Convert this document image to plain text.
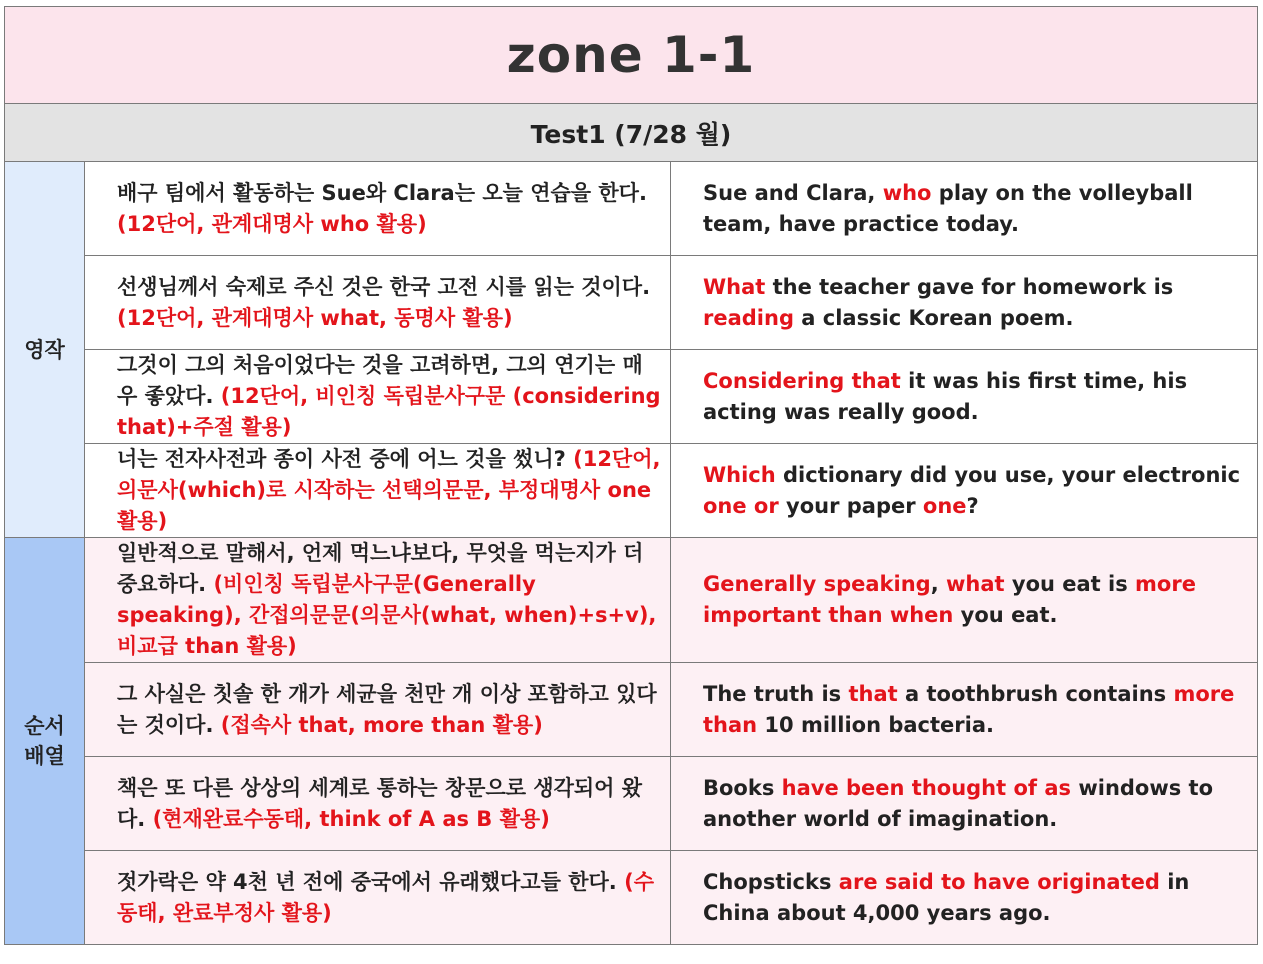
zone 1-1		
Test1 (7/28 월)		
영작	배구 팀에서 활동하는 Sue와 Clara는 오늘 연습을 한다. (12단어, 관계대명사 who 활용)	Sue and Clara, who play on the volleyball team, have practice today.
	선생님께서 숙제로 주신 것은 한국 고전 시를 읽는 것이다. (12단어, 관계대명사 what, 동명사 활용)	What the teacher gave for homework is reading a classic Korean poem.
	그것이 그의 처음이었다는 것을 고려하면, 그의 연기는 매우 좋았다. (12단어, 비인칭 독립분사구문 (considering that)+주절 활용)	Considering that it was his first time, his acting was really good.
	너는 전자사전과 종이 사전 중에 어느 것을 썼니? (12단어, 의문사(which)로 시작하는 선택의문문, 부정대명사 one 활용)	Which dictionary did you use, your electronic one or your paper one?

순서
배열	일반적으로 말해서, 언제 먹느냐보다, 무엇을 먹는지가 더 중요하다. (비인칭 독립분사구문(Generally speaking), 간접의문문(의문사(what, when)+s+v), 비교급 than 활용)	Generally speaking, what you eat is more important than when you eat.
	그 사실은 칫솔 한 개가 세균을 천만 개 이상 포함하고 있다는 것이다. (접속사 that, more than 활용)	The truth is that a toothbrush contains more than 10 million bacteria.
	책은 또 다른 상상의 세계로 통하는 창문으로 생각되어 왔다. (현재완료수동태, think of A as B 활용)	Books have been thought of as windows to another world of imagination.
	젓가락은 약 4천 년 전에 중국에서 유래했다고들 한다. (수동태, 완료부정사 활용)	Chopsticks are said to have originated in China about 4,000 years ago.
